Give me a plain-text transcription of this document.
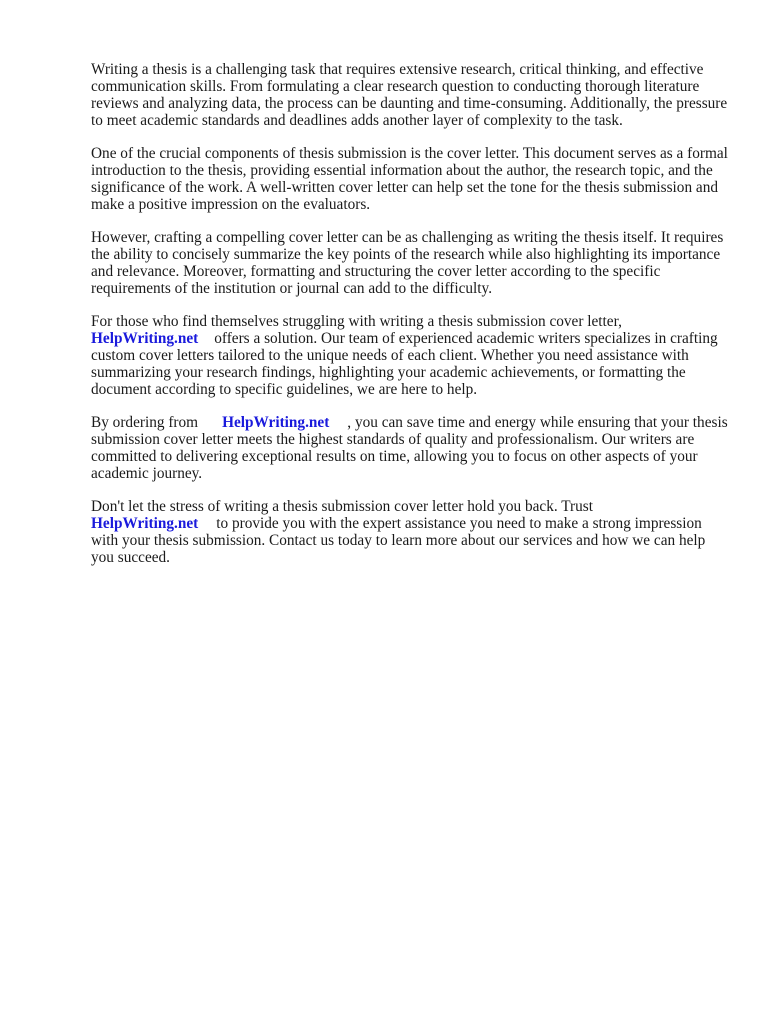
Writing a thesis is a challenging task that requires extensive research, critical thinking, and effective communication skills. From formulating a clear research question to conducting thorough literature reviews and analyzing data, the process can be daunting and time-consuming. Additionally, the pressure to meet academic standards and deadlines adds another layer of complexity to the task.

One of the crucial components of thesis submission is the cover letter. This document serves as a formal introduction to the thesis, providing essential information about the author, the research topic, and the significance of the work. A well-written cover letter can help set the tone for the thesis submission and make a positive impression on the evaluators.

However, crafting a compelling cover letter can be as challenging as writing the thesis itself. It requires the ability to concisely summarize the key points of the research while also highlighting its importance and relevance. Moreover, formatting and structuring the cover letter according to the specific requirements of the institution or journal can add to the difficulty.

For those who find themselves struggling with writing a thesis submission cover letter,
HelpWriting.net offers a solution. Our team of experienced academic writers specializes in crafting custom cover letters tailored to the unique needs of each client. Whether you need assistance with summarizing your research findings, highlighting your academic achievements, or formatting the document according to specific guidelines, we are here to help.

By ordering from HelpWriting.net , you can save time and energy while ensuring that your thesis submission cover letter meets the highest standards of quality and professionalism. Our writers are committed to delivering exceptional results on time, allowing you to focus on other aspects of your academic journey.

Don't let the stress of writing a thesis submission cover letter hold you back. Trust
HelpWriting.net to provide you with the expert assistance you need to make a strong impression with your thesis submission. Contact us today to learn more about our services and how we can help you succeed.
